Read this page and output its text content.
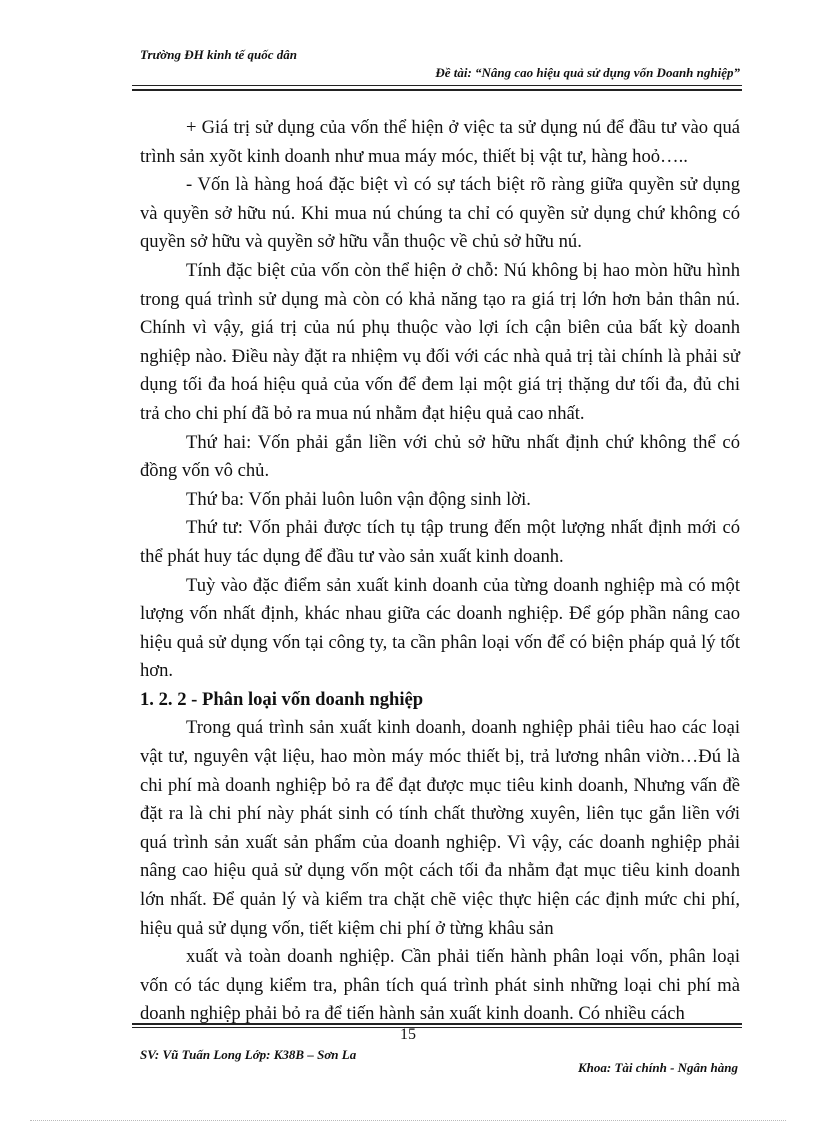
Trường ĐH kinh tế quốc dân
Đề tài: “Nâng cao hiệu quả sử dụng vốn Doanh nghiệp”

+ Giá trị sử dụng của vốn thể hiện ở việc ta sử dụng nú để đầu tư vào quá trình sản xyõt kinh doanh như mua máy móc, thiết bị vật tư, hàng hoỏ…..

- Vốn là hàng hoá đặc biệt vì có sự tách biệt rõ ràng giữa quyền sử dụng và quyền sở hữu nú. Khi mua nú chúng ta chỉ có quyền sử dụng chứ không có quyền sở hữu và quyền sở hữu vẫn thuộc về chủ sở hữu nú.

Tính đặc biệt của vốn còn thể hiện ở chỗ: Nú không bị hao mòn hữu hình trong quá trình sử dụng mà còn có khả năng tạo ra giá trị lớn hơn bản thân nú. Chính vì vậy, giá trị của nú phụ thuộc vào lợi ích cận biên của bất kỳ doanh nghiệp nào. Điều này đặt ra nhiệm vụ đối với các nhà quả trị tài chính là phải sử dụng tối đa hoá hiệu quả của vốn để đem lại một giá trị thặng dư tối đa, đủ chi trả cho chi phí đã bỏ ra mua nú nhằm đạt hiệu quả cao nhất.

Thứ hai: Vốn phải gắn liền với chủ sở hữu nhất định chứ không thể có đồng vốn vô chủ.

Thứ ba: Vốn phải luôn luôn vận động sinh lời.

Thứ tư: Vốn phải được tích tụ tập trung đến một lượng nhất định mới có thể phát huy tác dụng để đầu tư vào sản xuất kinh doanh.

Tuỳ vào đặc điểm sản xuất kinh doanh của từng doanh nghiệp mà có một lượng vốn nhất định, khác nhau giữa các doanh nghiệp. Để góp phần nâng cao hiệu quả sử dụng vốn tại công ty, ta cần phân loại vốn để có biện pháp quả lý tốt hơn.

1. 2. 2 - Phân loại vốn doanh nghiệp

Trong quá trình sản xuất kinh doanh, doanh nghiệp phải tiêu hao các loại vật tư, nguyên vật liệu, hao mòn máy móc thiết bị, trả lương nhân viờn…Đú là chi phí mà doanh nghiệp bỏ ra để đạt được mục tiêu kinh doanh, Nhưng vấn đề đặt ra là chi phí này phát sinh có tính chất thường xuyên, liên tục gắn liền với quá trình sản xuất sản phẩm của doanh nghiệp. Vì vậy, các doanh nghiệp phải nâng cao hiệu quả sử dụng vốn một cách tối đa nhằm đạt mục tiêu kinh doanh lớn nhất. Để quản lý và kiểm tra chặt chẽ việc thực hiện các định mức chi phí, hiệu quả sử dụng vốn, tiết kiệm chi phí ở từng khâu sản

xuất và toàn doanh nghiệp. Cần phải tiến hành phân loại vốn, phân loại vốn có tác dụng kiểm tra, phân tích quá trình phát sinh những loại chi phí mà doanh nghiệp phải bỏ ra để tiến hành sản xuất kinh doanh. Có nhiều cách

15
SV: Vũ Tuấn Long Lớp: K38B – Sơn La
Khoa: Tài chính - Ngân hàng
